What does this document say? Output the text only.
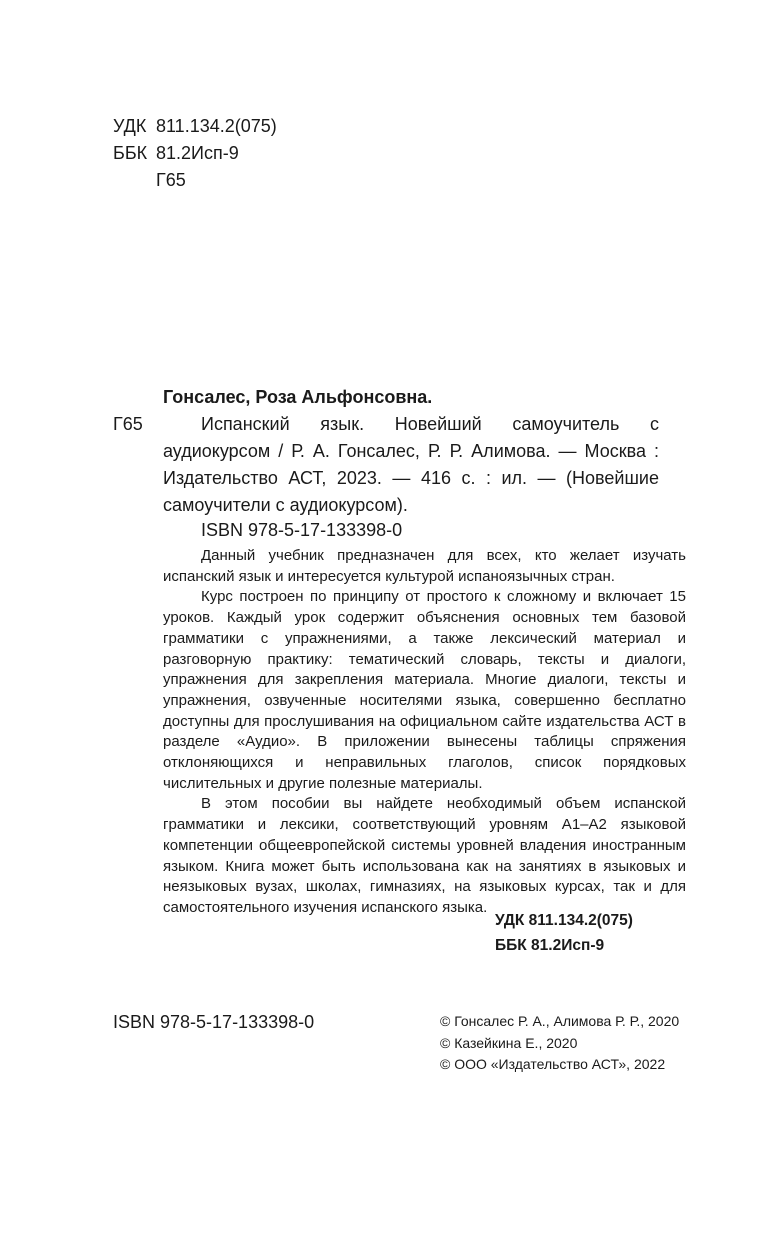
УДК 811.134.2(075)
ББК 81.2Исп-9
Г65
Гонсалес, Роза Альфонсовна.
Г65	Испанский язык. Новейший самоучитель с аудиокурсом / Р. А. Гонсалес, Р. Р. Алимова. — Москва : Издательство АСТ, 2023. — 416 с. : ил. — (Новейшие самоучители с аудиокурсом).
ISBN 978-5-17-133398-0

Данный учебник предназначен для всех, кто желает изучать испанский язык и интересуется культурой испаноязычных стран.

Курс построен по принципу от простого к сложному и включает 15 уроков. Каждый урок содержит объяснения основных тем базовой грамматики с упражнениями, а также лексический материал и разговорную практику: тематический словарь, тексты и диалоги, упражнения для закрепления материала. Многие диалоги, тексты и упражнения, озвученные носителями языка, совершенно бесплатно доступны для прослушивания на официальном сайте издательства АСТ в разделе «Аудио». В приложении вынесены таблицы спряжения отклоняющихся и неправильных глаголов, список порядковых числительных и другие полезные материалы.

В этом пособии вы найдете необходимый объем испанской грамматики и лексики, соответствующий уровням А1–А2 языковой компетенции общеевропейской системы уровней владения иностранным языком. Книга может быть использована как на занятиях в языковых и неязыковых вузах, школах, гимназиях, на языковых курсах, так и для самостоятельного изучения испанского языка.

УДК 811.134.2(075)
ББК 81.2Исп-9
ISBN 978-5-17-133398-0	© Гонсалес Р. А., Алимова Р. Р., 2020
© Казейкина Е., 2020
© ООО «Издательство АСТ», 2022
